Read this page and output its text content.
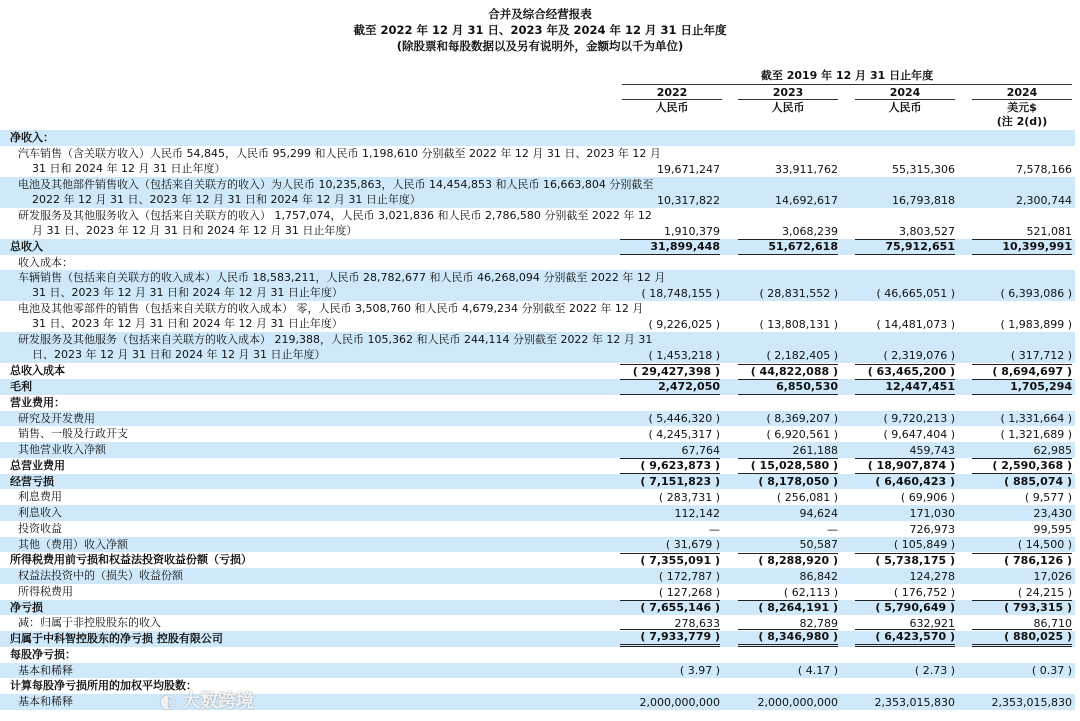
合并及综合经营报表
截至 2022 年 12 月 31 日、2023 年及 2024 年 12 月 31 日止年度
(除股票和每股数据以及另有说明外，金额均以千为单位)
截至 2019 年 12 月 31 日止年度
2022	2023	2024	2024
人民币	人民币	人民币	美元$
(注 2(d))
净收入：
汽车销售（含关联方收入）人民币 54,845，人民币 95,299 和人民币 1,198,610 分别截至 2022 年 12 月 31 日、2023 年 12 月
31 日和 2024 年 12 月 31 日止年度）	19,671,247	33,911,762	55,315,306	7,578,166
电池及其他部件销售收入（包括来自关联方的收入）为人民币 10,235,863，人民币 14,454,853 和人民币 16,663,804 分别截至
2022 年 12 月 31 日、2023 年 12 月 31 日和 2024 年 12 月 31 日止年度）	10,317,822	14,692,617	16,793,818	2,300,744
研发服务及其他服务收入（包括来自关联方的收入） 1,757,074，人民币 3,021,836 和人民币 2,786,580 分别截至 2022 年 12
月 31 日、2023 年 12 月 31 日和 2024 年 12 月 31 日止年度）	1,910,379	3,068,239	3,803,527	521,081
总收入	31,899,448	51,672,618	75,912,651	10,399,991
收入成本：
车辆销售（包括来自关联方的收入成本）人民币 18,583,211，人民币 28,782,677 和人民币 46,268,094 分别截至 2022 年 12 月
31 日、2023 年 12 月 31 日和 2024 年 12 月 31 日止年度）	( 18,748,155 )	( 28,831,552 )	( 46,665,051 )	( 6,393,086 )
电池及其他零部件的销售（包括来自关联方的收入成本） 零，人民币 3,508,760 和人民币 4,679,234 分别截至 2022 年 12 月
31 日、2023 年 12 月 31 日和 2024 年 12 月 31 日止年度）	( 9,226,025 )	( 13,808,131 )	( 14,481,073 )	( 1,983,899 )
研发服务及其他服务（包括来自关联方的收入成本） 219,388，人民币 105,362 和人民币 244,114 分别截至 2022 年 12 月 31
日、2023 年 12 月 31 日和 2024 年 12 月 31 日止年度）	( 1,453,218 )	( 2,182,405 )	( 2,319,076 )	( 317,712 )
总收入成本	( 29,427,398 )	( 44,822,088 )	( 63,465,200 )	( 8,694,697 )
毛利	2,472,050	6,850,530	12,447,451	1,705,294
营业费用：
研究及开发费用	( 5,446,320 )	( 8,369,207 )	( 9,720,213 )	( 1,331,664 )
销售、一般及行政开支	( 4,245,317 )	( 6,920,561 )	( 9,647,404 )	( 1,321,689 )
其他营业收入净额	67,764	261,188	459,743	62,985
总营业费用	( 9,623,873 )	( 15,028,580 )	( 18,907,874 )	( 2,590,368 )
经营亏损	( 7,151,823 )	( 8,178,050 )	( 6,460,423 )	( 885,074 )
利息费用	( 283,731 )	( 256,081 )	( 69,906 )	( 9,577 )
利息收入	112,142	94,624	171,030	23,430
投资收益	—	—	726,973	99,595
其他（费用）收入净额	( 31,679 )	50,587	( 105,849 )	( 14,500 )
所得税费用前亏损和权益法投资收益份额（亏损）	( 7,355,091 )	( 8,288,920 )	( 5,738,175 )	( 786,126 )
权益法投资中的（损失）收益份额	( 172,787 )	86,842	124,278	17,026
所得税费用	( 127,268 )	( 62,113 )	( 176,752 )	( 24,215 )
净亏损	( 7,655,146 )	( 8,264,191 )	( 5,790,649 )	( 793,315 )
减：归属于非控股股东的收入	278,633	82,789	632,921	86,710
归属于中科智控股东的净亏损 控股有限公司	( 7,933,779 )	( 8,346,980 )	( 6,423,570 )	( 880,025 )
每股净亏损：
基本和稀释	( 3.97 )	( 4.17 )	( 2.73 )	( 0.37 )
计算每股净亏损所用的加权平均股数：
基本和稀释	2,000,000,000	2,000,000,000	2,353,015,830	2,353,015,830
◐ 大数跨境
